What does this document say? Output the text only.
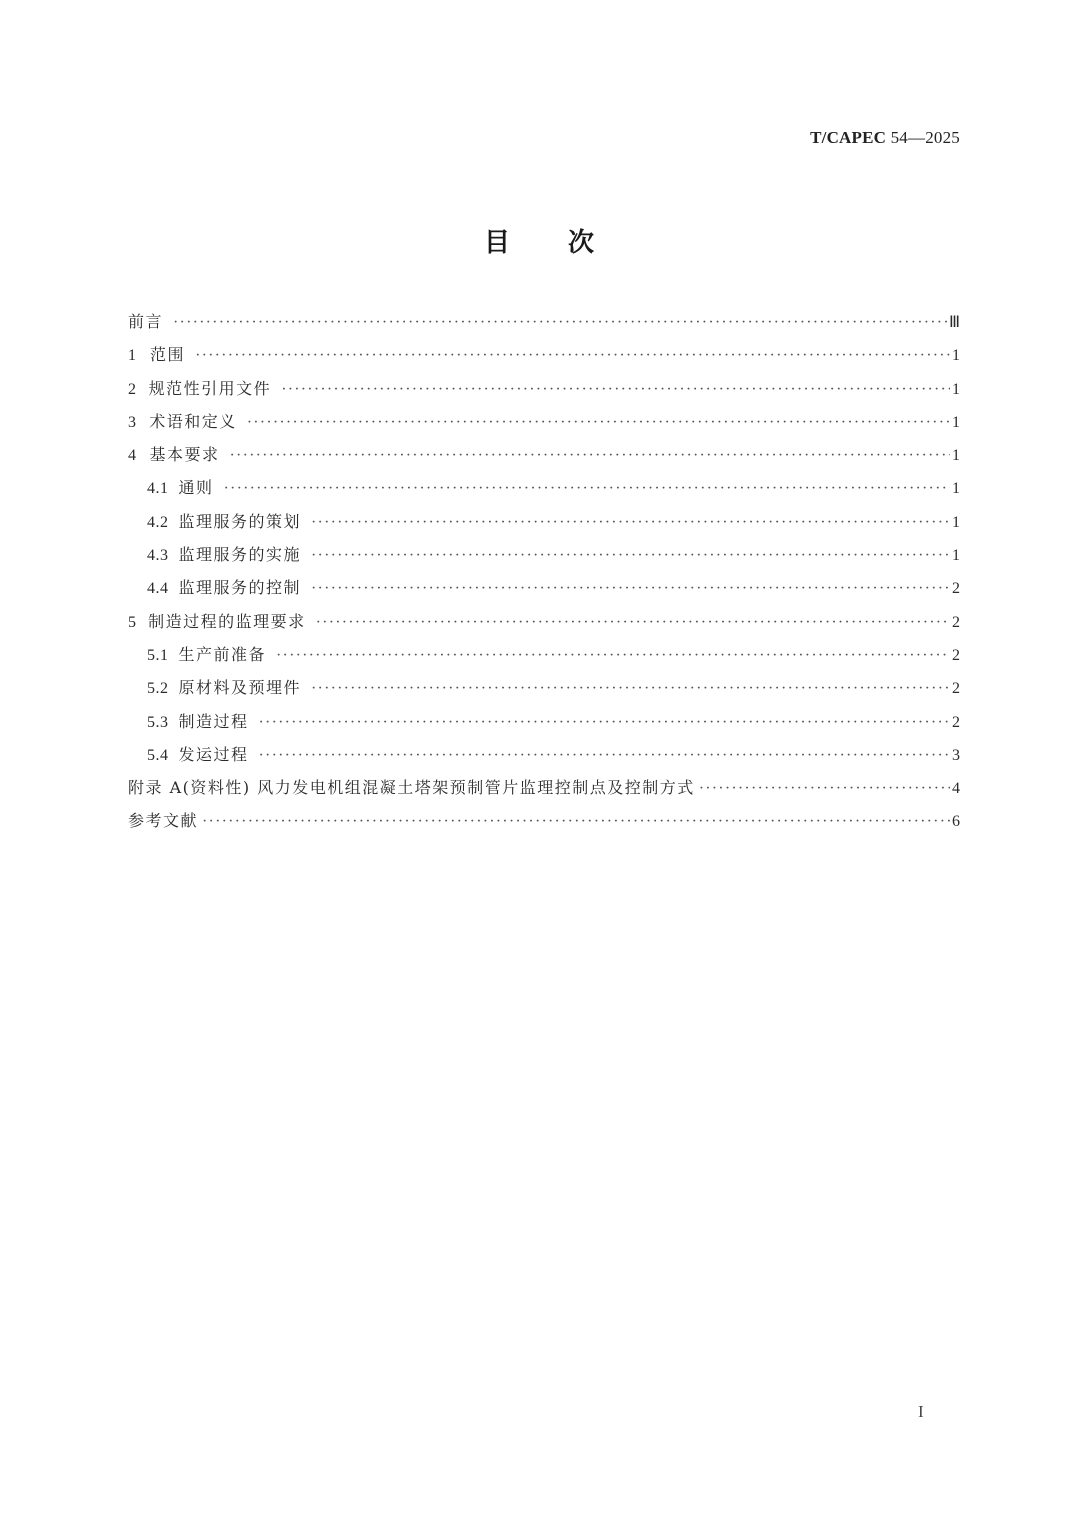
T/CAPEC 54—2025
目次
前言 ·····	Ⅲ
1 范围 ·····	1
2 规范性引用文件 ·····	1
3 术语和定义 ·····	1
4 基本要求 ·····	1
4.1 通则 ·····	1
4.2 监理服务的策划 ·····	1
4.3 监理服务的实施 ·····	1
4.4 监理服务的控制 ·····	2
5 制造过程的监理要求 ·····	2
5.1 生产前准备 ·····	2
5.2 原材料及预埋件 ·····	2
5.3 制造过程 ·····	2
5.4 发运过程 ·····	3
附录 A(资料性) 风力发电机组混凝土塔架预制管片监理控制点及控制方式 ·····	4
参考文献 ·····	6
I
